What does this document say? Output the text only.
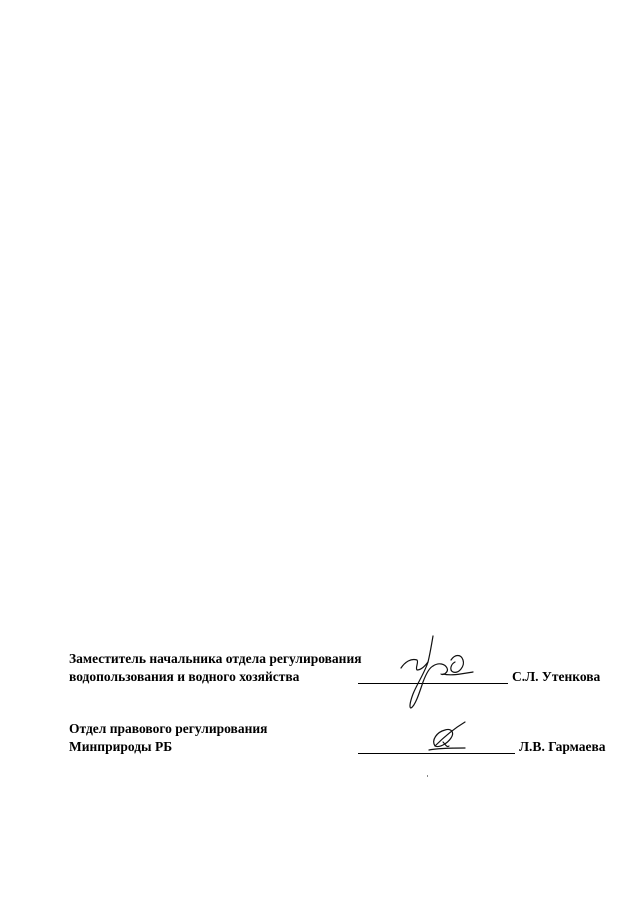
Заместитель начальника отдела регулирования
водопользования и водного хозяйства	С.Л. Утенкова
Отдел правового регулирования
Минприроды РБ	Л.В. Гармаева
